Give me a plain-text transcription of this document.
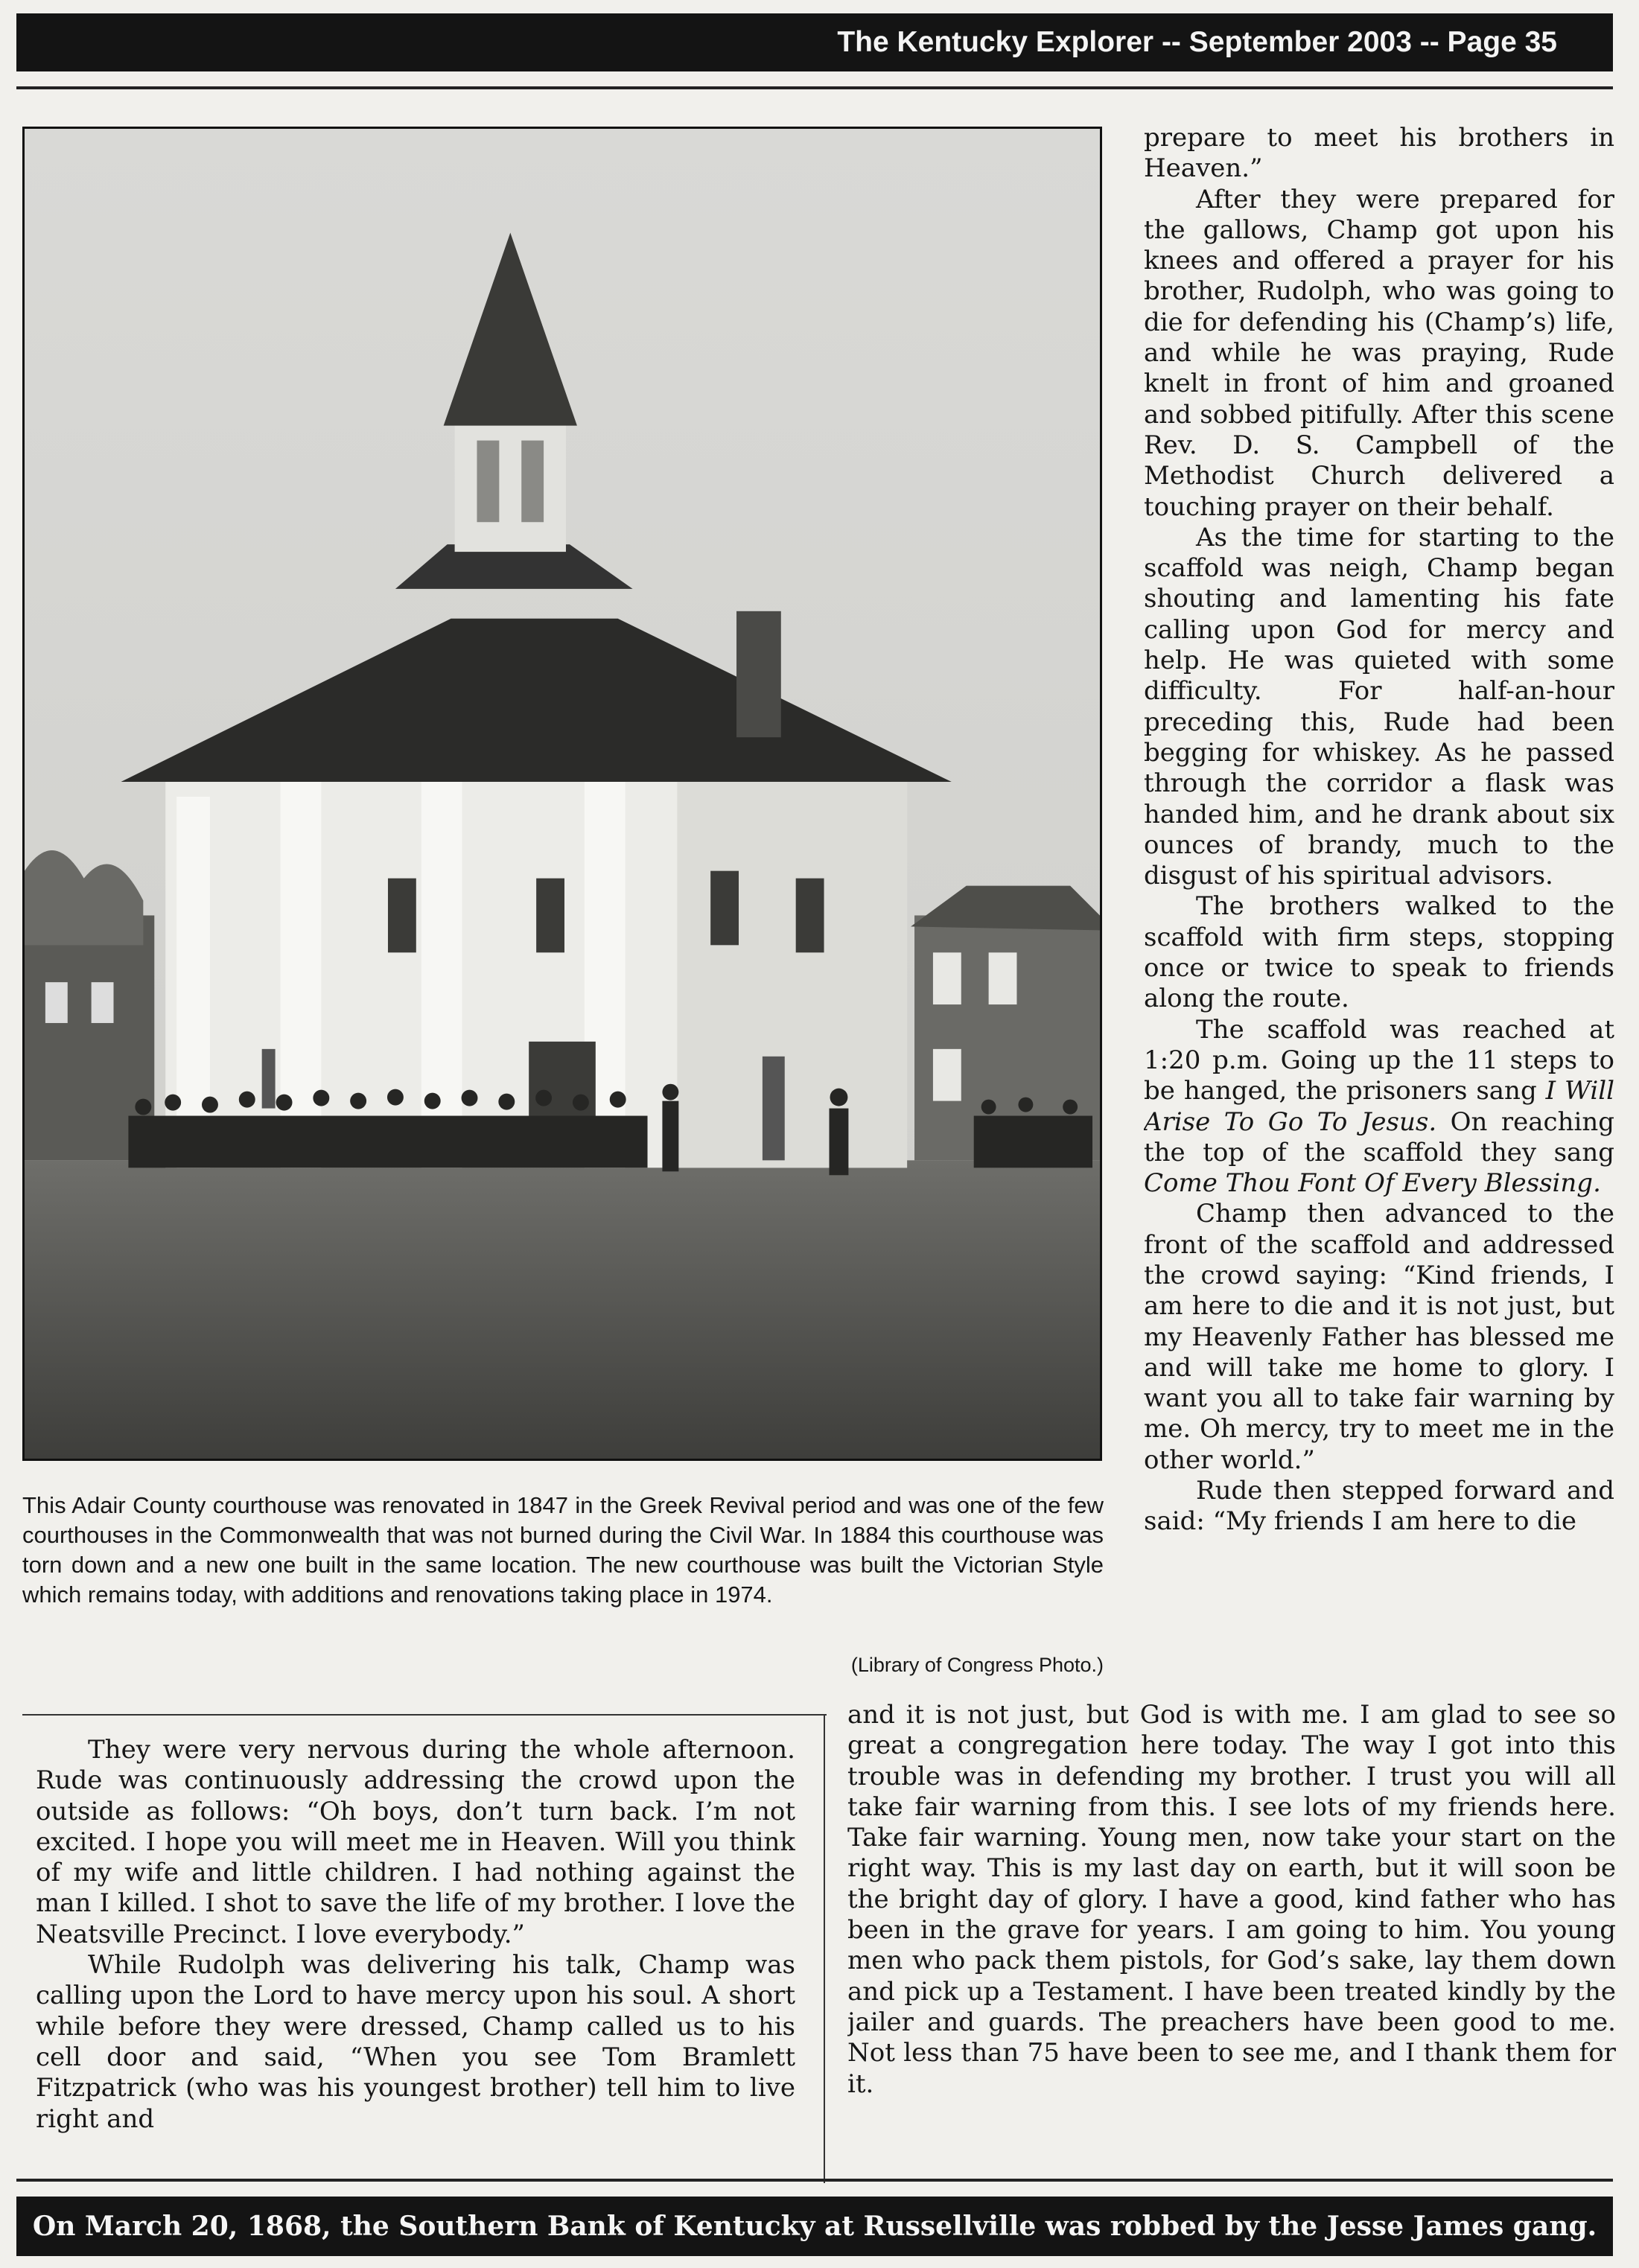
The Kentucky Explorer -- September 2003 -- Page 35
This Adair County courthouse was renovated in 1847 in the Greek Revival period and was one of the few courthouses in the Commonwealth that was not burned during the Civil War. In 1884 this courthouse was torn down and a new one built in the same location. The new courthouse was built the Victorian Style which remains today, with additions and renovations taking place in 1974.
(Library of Congress Photo.)

prepare to meet his brothers in Heaven.”

After they were prepared for the gallows, Champ got upon his knees and offered a prayer for his brother, Rudolph, who was going to die for defending his (Champ’s) life, and while he was praying, Rude knelt in front of him and groaned and sobbed pitifully. After this scene Rev. D. S. Campbell of the Methodist Church delivered a touching prayer on their behalf.

As the time for starting to the scaffold was neigh, Champ began shouting and lamenting his fate calling upon God for mercy and help. He was quieted with some difficulty. For half-an-hour preceding this, Rude had been begging for whiskey. As he passed through the corridor a flask was handed him, and he drank about six ounces of brandy, much to the disgust of his spiritual advisors.

The brothers walked to the scaffold with firm steps, stopping once or twice to speak to friends along the route.

The scaffold was reached at 1:20 p.m. Going up the 11 steps to be hanged, the prisoners sang I Will Arise To Go To Jesus. On reaching the top of the scaffold they sang Come Thou Font Of Every Blessing.

Champ then advanced to the front of the scaffold and addressed the crowd saying: “Kind friends, I am here to die and it is not just, but my Heavenly Father has blessed me and will take me home to glory. I want you all to take fair warning by me. Oh mercy, try to meet me in the other world.”

Rude then stepped forward and said: “My friends I am here to die

They were very nervous during the whole afternoon. Rude was continuously addressing the crowd upon the outside as follows: “Oh boys, don’t turn back. I’m not excited. I hope you will meet me in Heaven. Will you think of my wife and little children. I had nothing against the man I killed. I shot to save the life of my brother. I love the Neatsville Precinct. I love everybody.”

While Rudolph was delivering his talk, Champ was calling upon the Lord to have mercy upon his soul. A short while before they were dressed, Champ called us to his cell door and said, “When you see Tom Bramlett Fitzpatrick (who was his youngest brother) tell him to live right and

and it is not just, but God is with me. I am glad to see so great a congregation here today. The way I got into this trouble was in defending my brother. I trust you will all take fair warning from this. I see lots of my friends here. Take fair warning. Young men, now take your start on the right way. This is my last day on earth, but it will soon be the bright day of glory. I have a good, kind father who has been in the grave for years. I am going to him. You young men who pack them pistols, for God’s sake, lay them down and pick up a Testament. I have been treated kindly by the jailer and guards. The preachers have been good to me. Not less than 75 have been to see me, and I thank them for it.

On March 20, 1868, the Southern Bank of Kentucky at Russellville was robbed by the Jesse James gang.
